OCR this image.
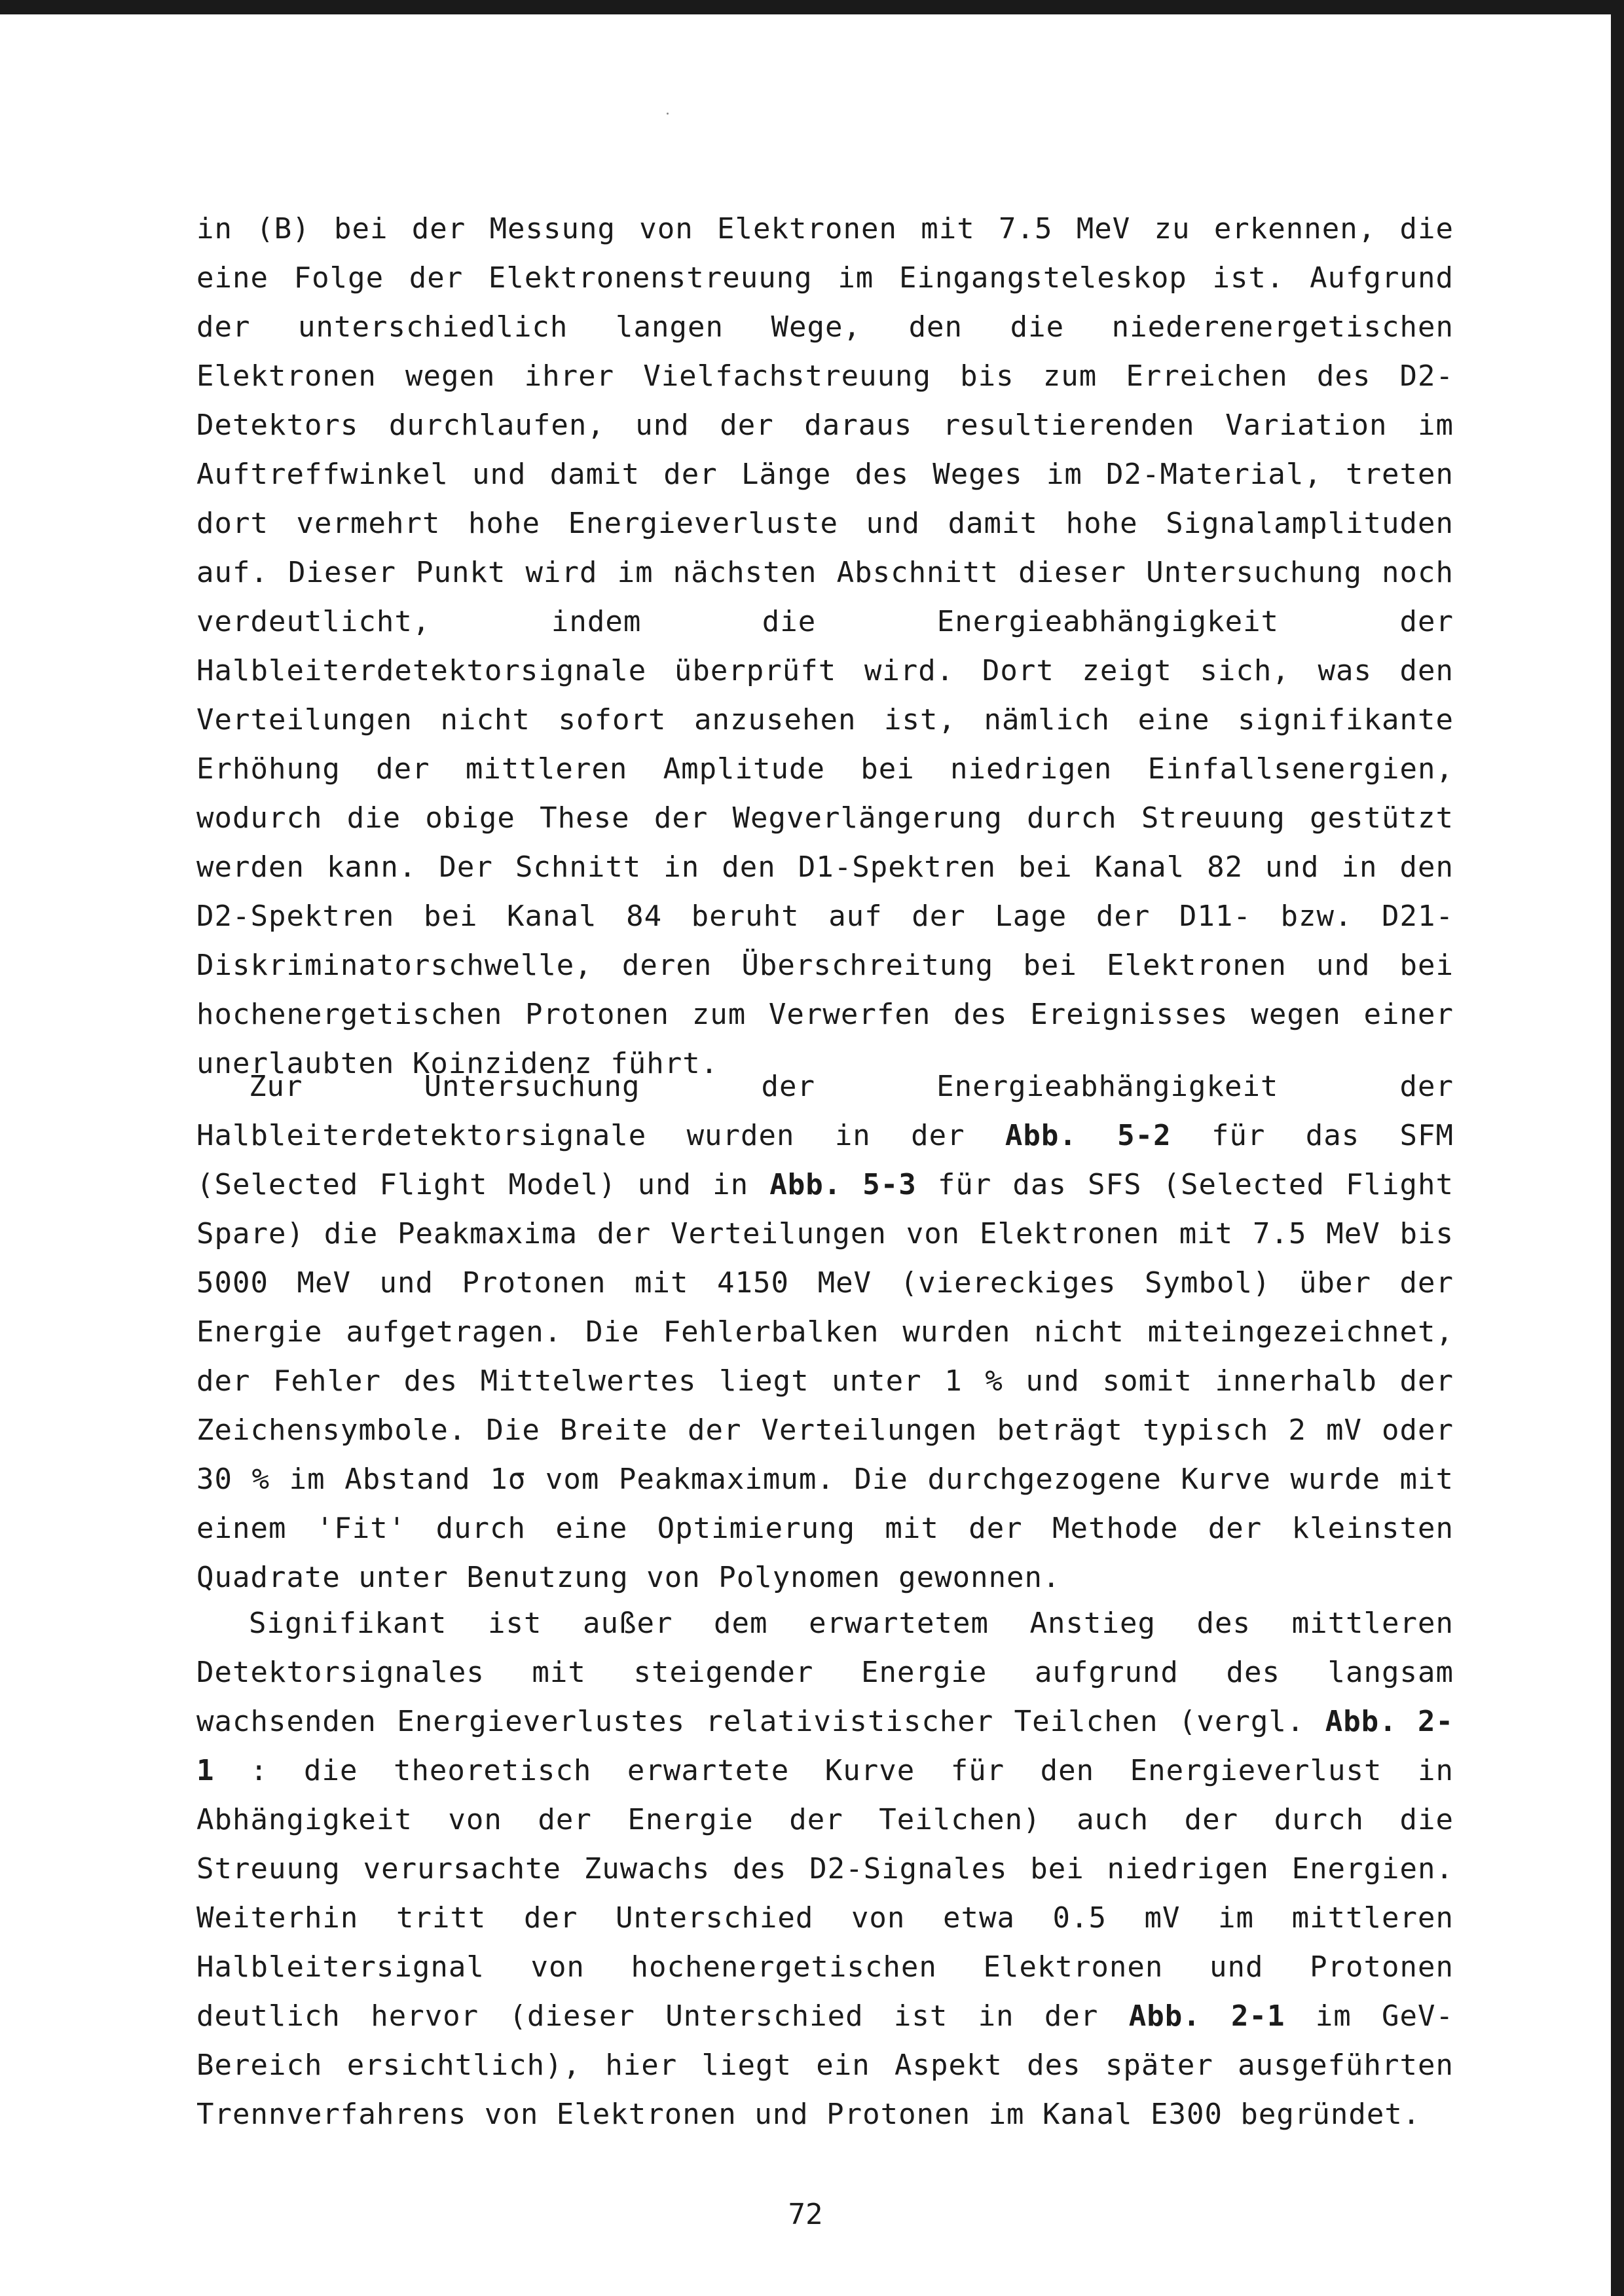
in (B) bei der Messung von Elektronen mit 7.5 MeV zu erkennen, die eine Folge der Elektronenstreuung im Eingangsteleskop ist. Aufgrund der unterschiedlich langen Wege, den die niederenergetischen Elektronen wegen ihrer Vielfachstreuung bis zum Erreichen des D2-Detektors durchlaufen, und der daraus resultierenden Variation im Auftreffwinkel und damit der Länge des Weges im D2-Material, treten dort vermehrt hohe Energieverluste und damit hohe Signalamplituden auf. Dieser Punkt wird im nächsten Abschnitt dieser Untersuchung noch verdeutlicht, indem die Energieabhängigkeit der Halbleiterdetektorsignale überprüft wird. Dort zeigt sich, was den Verteilungen nicht sofort anzusehen ist, nämlich eine signifikante Erhöhung der mittleren Amplitude bei niedrigen Einfallsenergien, wodurch die obige These der Wegverlängerung durch Streuung gestützt werden kann. Der Schnitt in den D1-Spektren bei Kanal 82 und in den D2-Spektren bei Kanal 84 beruht auf der Lage der D11- bzw. D21-Diskriminatorschwelle, deren Überschreitung bei Elektronen und bei hochenergetischen Protonen zum Verwerfen des Ereignisses wegen einer unerlaubten Koinzidenz führt.

Zur Untersuchung der Energieabhängigkeit der Halbleiterdetektorsignale wurden in der Abb. 5-2 für das SFM (Selected Flight Model) und in Abb. 5-3 für das SFS (Selected Flight Spare) die Peakmaxima der Verteilungen von Elektronen mit 7.5 MeV bis 5000 MeV und Protonen mit 4150 MeV (viereckiges Symbol) über der Energie aufgetragen. Die Fehlerbalken wurden nicht miteingezeichnet, der Fehler des Mittelwertes liegt unter 1 % und somit innerhalb der Zeichensymbole. Die Breite der Verteilungen beträgt typisch 2 mV oder 30 % im Abstand 1σ vom Peakmaximum. Die durchgezogene Kurve wurde mit einem 'Fit' durch eine Optimierung mit der Methode der kleinsten Quadrate unter Benutzung von Polynomen gewonnen.

Signifikant ist außer dem erwartetem Anstieg des mittleren Detektorsignales mit steigender Energie aufgrund des langsam wachsenden Energieverlustes relativistischer Teilchen (vergl. Abb. 2-1 : die theoretisch erwartete Kurve für den Energieverlust in Abhängigkeit von der Energie der Teilchen) auch der durch die Streuung verursachte Zuwachs des D2-Signales bei niedrigen Energien. Weiterhin tritt der Unterschied von etwa 0.5 mV im mittleren Halbleitersignal von hochenergetischen Elektronen und Protonen deutlich hervor (dieser Unterschied ist in der Abb. 2-1 im GeV-Bereich ersichtlich), hier liegt ein Aspekt des später ausgeführten Trennverfahrens von Elektronen und Protonen im Kanal E300 begründet.

72
